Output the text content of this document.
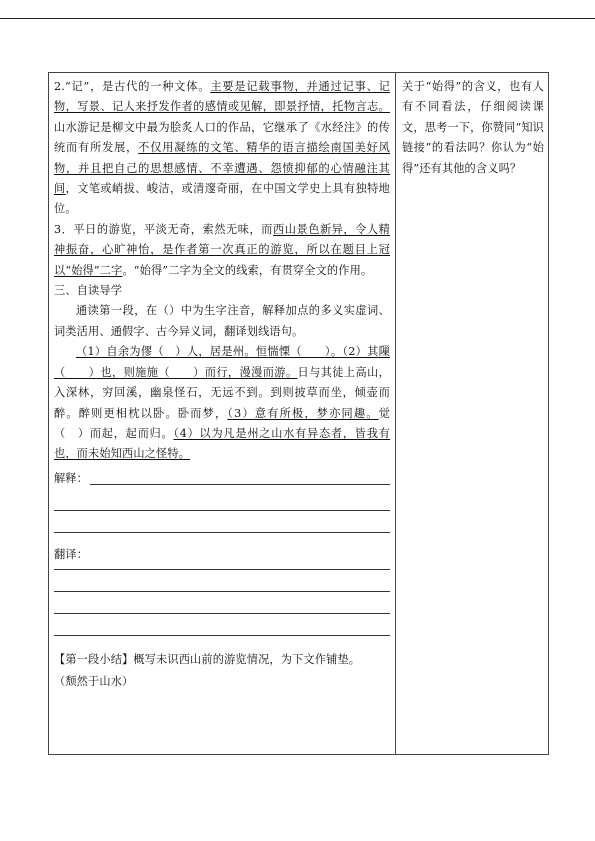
2.“记”，是古代的一种文体。主要是记载事物，并通过记事、记物，写景、记人来抒发作者的感情或见解，即景抒情，托物言志。山水游记是柳文中最为脍炙人口的作品，它继承了《水经注》的传统而有所发展，不仅用凝练的文笔、精华的语言描绘南国美好风物，并且把自己的思想感情、不幸遭遇、怨愤抑郁的心情融注其间，文笔或峭拔、峻洁，或清邃奇丽，在中国文学史上具有独特地位。

3．平日的游览，平淡无奇，索然无味，而西山景色新异，令人精神振奋，心旷神怡，是作者第一次真正的游览，所以在题目上冠以“始得”二字。“始得”二字为全文的线索，有贯穿全文的作用。

三、自读导学

通读第一段，在（）中为生字注音，解释加点的多义实虚词、词类活用、通假字、古今异义词，翻译划线语句。

（1）自余为僇（　）人，居是州。恒惴慄（　　）。（2）其隟（　　）也，则施施（　　）而行，漫漫而游。日与其徒上高山，入深林，穷回溪，幽泉怪石，无远不到。到则披草而坐，倾壶而醉。醉则更相枕以卧。卧而梦，（3）意有所极，梦亦同趣。觉（　）而起，起而归。（4）以为凡是州之山水有异态者，皆我有也，而未始知西山之怪特。

解释：

翻译：

【第一段小结】概写未识西山前的游览情况，为下文作铺垫。

（颓然于山水）

关于“始得”的含义，也有人有不同看法，仔细阅读课文，思考一下，你赞同“知识链接”的看法吗？你认为“始得”还有其他的含义吗？
